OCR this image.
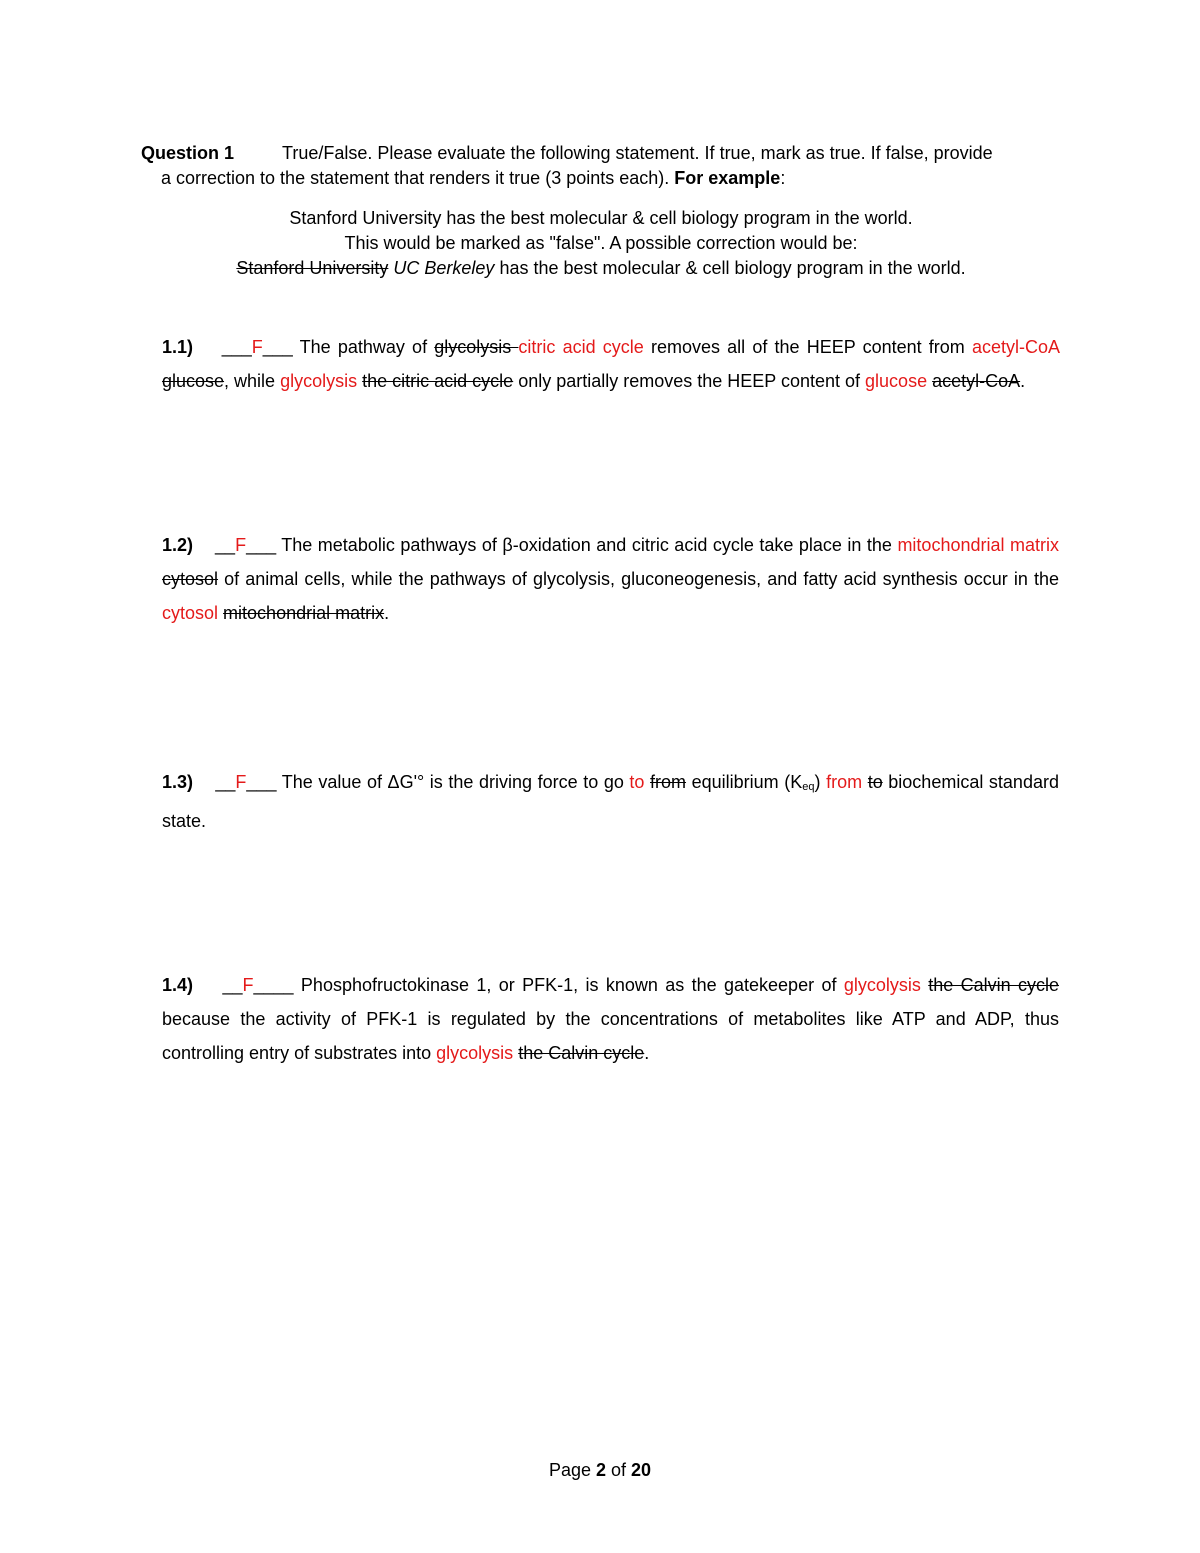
Question 1	True/False. Please evaluate the following statement. If true, mark as true. If false, provide
a correction to the statement that renders it true (3 points each). For example:
Stanford University has the best molecular & cell biology program in the world.
This would be marked as "false". A possible correction would be:
Stanford University UC Berkeley has the best molecular & cell biology program in the world.
1.1) ___F___ The pathway of glycolysis citric acid cycle removes all of the HEEP content from acetyl-CoA glucose, while glycolysis the citric acid cycle only partially removes the HEEP content of glucose acetyl-CoA.
1.2) __F___ The metabolic pathways of β-oxidation and citric acid cycle take place in the mitochondrial matrix cytosol of animal cells, while the pathways of glycolysis, gluconeogenesis, and fatty acid synthesis occur in the cytosol mitochondrial matrix.
1.3) __F___ The value of ΔG'° is the driving force to go to from equilibrium $(K_{eq})$ from to biochemical standard state.
1.4) __F____ Phosphofructokinase 1, or PFK-1, is known as the gatekeeper of glycolysis the Calvin cycle because the activity of PFK-1 is regulated by the concentrations of metabolites like ATP and ADP, thus controlling entry of substrates into glycolysis the Calvin cycle.
Page 2 of 20
